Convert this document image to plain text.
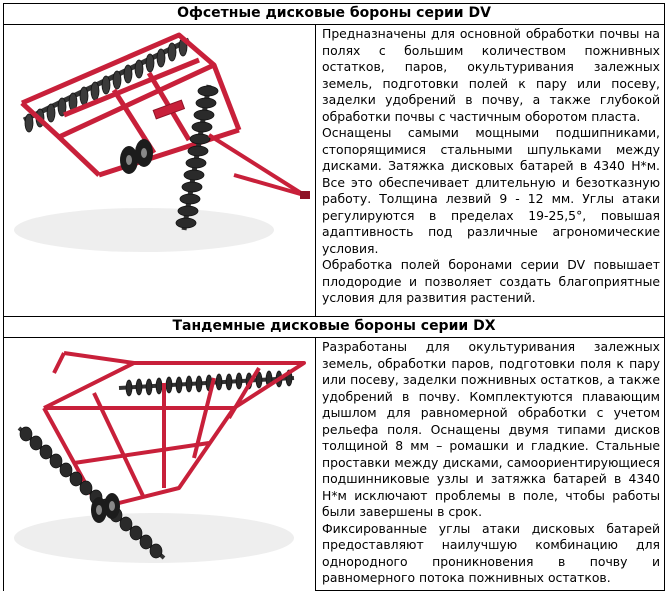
Офсетные дисковые бороны серии DV

Предназначены для основной обработки почвы на полях с большим количеством пожнивных остатков, паров, окультуривания залежных земель, подготовки полей к пару или посеву, заделки удобрений в почву, а также глубокой обработки почвы с частичным оборотом пласта.

Оснащены самыми мощными подшипниками, стопорящимися стальными шпульками между дисками. Затяжка дисковых батарей в 4340 Н*м. Все это обеспечивает длительную и безотказную работу. Толщина лезвий 9 - 12 мм. Углы атаки регулируются в пределах 19-25,5°, повышая адаптивность под различные агрономические условия.

Обработка полей боронами серии DV повышает плодородие и позволяет создать благоприятные условия для развития растений.

Тандемные дисковые бороны серии DX

Разработаны для окультуривания залежных земель, обработки паров, подготовки поля к пару или посеву, заделки пожнивных остатков, а также удобрений в почву. Комплектуются плавающим дышлом для равномерной обработки с учетом рельефа поля. Оснащены двумя типами дисков толщиной 8 мм – ромашки и гладкие. Стальные проставки между дисками, самоориентирующиеся подшинниковые узлы и затяжка батарей в 4340 Н*м исключают проблемы в поле, чтобы работы были завершены в срок.

Фиксированные углы атаки дисковых батарей предоставляют наилучшую комбинацию для однородного проникновения в почву и равномерного потока пожнивных остатков.
